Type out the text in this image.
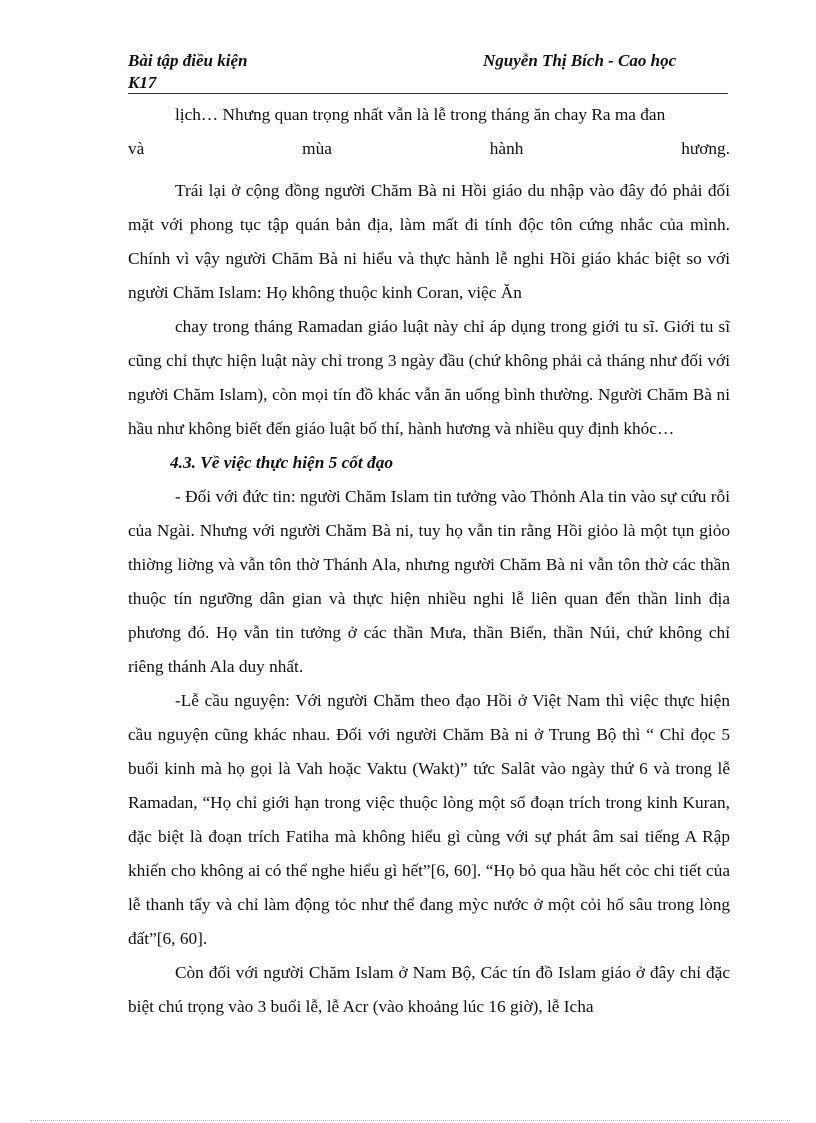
Bài tập điều kiện	Nguyễn Thị Bích - Cao học
K17

lịch… Nhưng quan trọng nhất vẫn là lễ trong tháng ăn chay Ra ma đan

và mùa hành hương.

Trái lại ở cộng đồng người Chăm Bà ni Hồi giáo du nhập vào đây đó phải đối mặt với phong tục tập quán bản địa, làm mất đi tính độc tôn cứng nhắc của mình. Chính vì vậy người Chăm Bà ni hiểu và thực hành lễ nghi Hồi giáo khác biệt so với người Chăm Islam: Họ không thuộc kinh Coran, việc Ăn

chay trong tháng Ramadan giáo luật này chỉ áp dụng trong giới tu sĩ. Giới tu sĩ cũng chỉ thực hiện luật này chỉ trong 3 ngày đầu (chứ không phải cả tháng như đối với người Chăm Islam), còn mọi tín đồ khác vẫn ăn uống bình thường. Người Chăm Bà ni hầu như không biết đến giáo luật bố thí, hành hương và nhiều quy định khóc…

4.3. Về việc thực hiện 5 cốt đạo

- Đối với đức tin: người Chăm Islam tin tưởng vào Thỏnh Ala tin vào sự cứu rỗi của Ngài. Nhưng với người Chăm Bà ni, tuy họ vẫn tin rằng Hồi giỏo là một tụn giỏo thiờng liờng và vẫn tôn thờ Thánh Ala, nhưng người Chăm Bà ni vẫn tôn thờ các thần thuộc tín ngưỡng dân gian và thực hiện nhiều nghi lễ liên quan đến thần linh địa phương đó. Họ vẫn tin tưởng ở các thần Mưa, thần Biển, thần Núi, chứ không chỉ riêng thánh Ala duy nhất.

-Lễ cầu nguyện: Với người Chăm theo đạo Hồi ở Việt Nam thì việc thực hiện cầu nguyện cũng khác nhau. Đối với người Chăm Bà ni ở Trung Bộ thì “ Chỉ đọc 5 buổi kinh mà họ gọi là Vah hoặc Vaktu (Wakt)” tức Salât vào ngày thứ 6 và trong lễ Ramadan, “Họ chỉ giới hạn trong việc thuộc lòng một số đoạn trích trong kinh Kuran, đặc biệt là đoạn trích Fatiha mà không hiểu gì cùng với sự phát âm sai tiếng A Rập khiến cho không ai có thể nghe hiểu gì hết”[6, 60]. “Họ bỏ qua hầu hết cỏc chi tiết của lễ thanh tẩy và chỉ làm động tỏc như thể đang mỳc nước ở một cỏi hố sâu trong lòng đất”[6, 60].

Còn đối với người Chăm Islam ở Nam Bộ, Các tín đồ Islam giáo ở đây chỉ đặc biệt chú trọng vào 3 buổi lễ, lễ Acr (vào khoảng lúc 16 giờ), lễ Icha
